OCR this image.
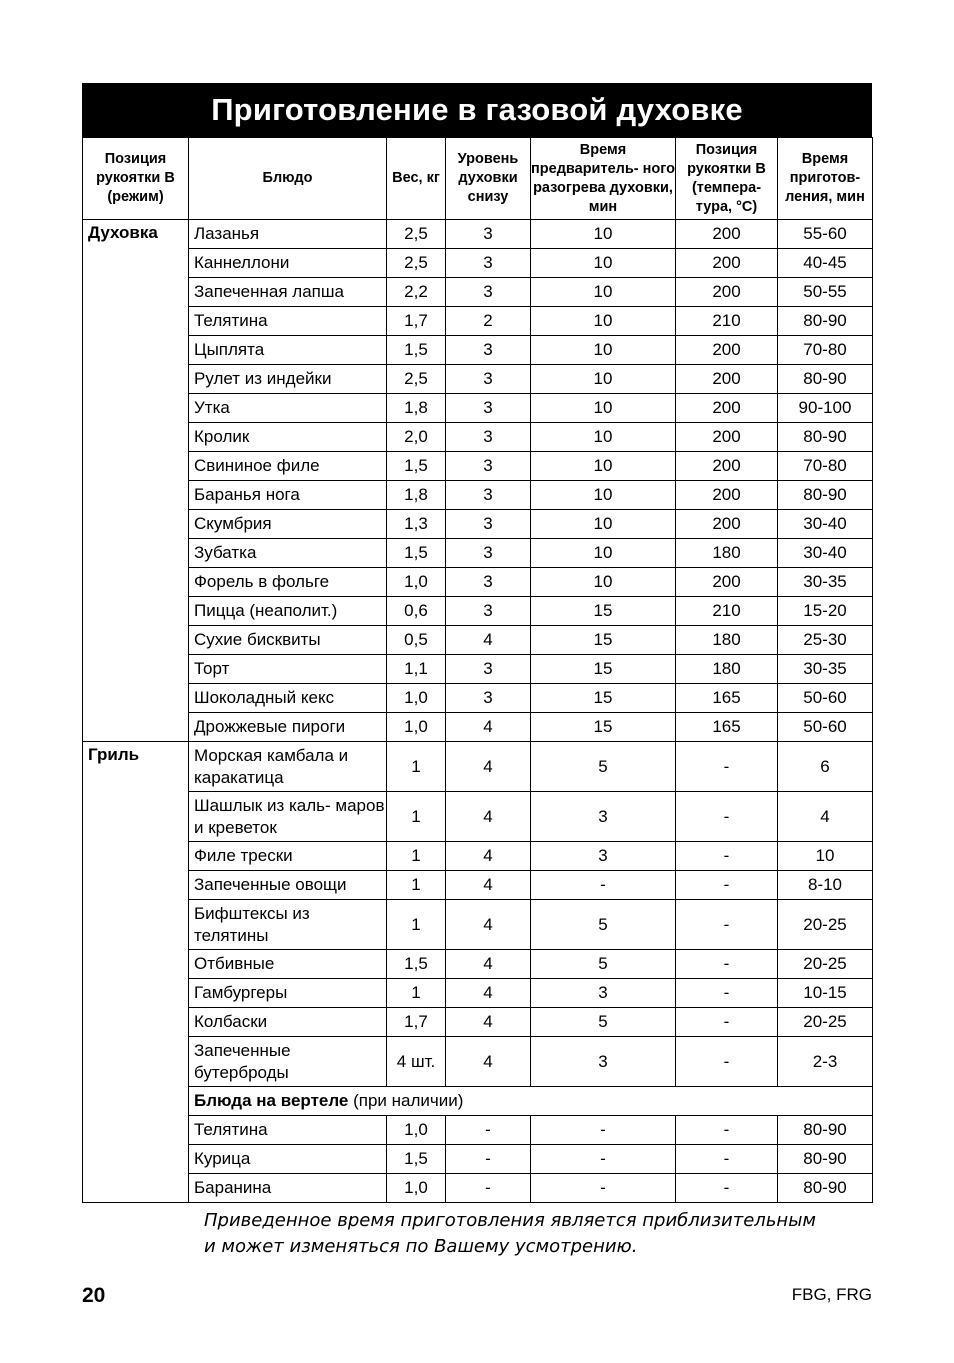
Приготовление в газовой духовке
Позиция рукоятки В (режим)	Блюдо	Вес, кг	Уровень духовки снизу	Время предваритель- ного разогрева духовки, мин	Позиция рукоятки В (темпера- тура, °С)	Время приготов- ления, мин
Духовка	Лазанья	2,5	3	10	200	55-60
	Каннеллони	2,5	3	10	200	40-45
	Запеченная лапша	2,2	3	10	200	50-55
	Телятина	1,7	2	10	210	80-90
	Цыплята	1,5	3	10	200	70-80
	Рулет из индейки	2,5	3	10	200	80-90
	Утка	1,8	3	10	200	90-100
	Кролик	2,0	3	10	200	80-90
	Свининое филе	1,5	3	10	200	70-80
	Баранья нога	1,8	3	10	200	80-90
	Скумбрия	1,3	3	10	200	30-40
	Зубатка	1,5	3	10	180	30-40
	Форель в фольге	1,0	3	10	200	30-35
	Пицца (неаполит.)	0,6	3	15	210	15-20
	Сухие бисквиты	0,5	4	15	180	25-30
	Торт	1,1	3	15	180	30-35
	Шоколадный кекс	1,0	3	15	165	50-60
	Дрожжевые пироги	1,0	4	15	165	50-60
Гриль	Морская камбала и каракатица	1	4	5	-	6
	Шашлык из каль- маров и креветок	1	4	3	-	4
	Филе трески	1	4	3	-	10
	Запеченные овощи	1	4	-	-	8-10
	Бифштексы из телятины	1	4	5	-	20-25
	Отбивные	1,5	4	5	-	20-25
	Гамбургеры	1	4	3	-	10-15
	Колбаски	1,7	4	5	-	20-25
	Запеченные бутерброды	4 шт.	4	3	-	2-3
	Блюда на вертеле (при наличии)					
	Телятина	1,0	-	-	-	80-90
	Курица	1,5	-	-	-	80-90
	Баранина	1,0	-	-	-	80-90
Приведенное время приготовления является приблизительным
и может изменяться по Вашему усмотрению.
20	FBG, FRG
